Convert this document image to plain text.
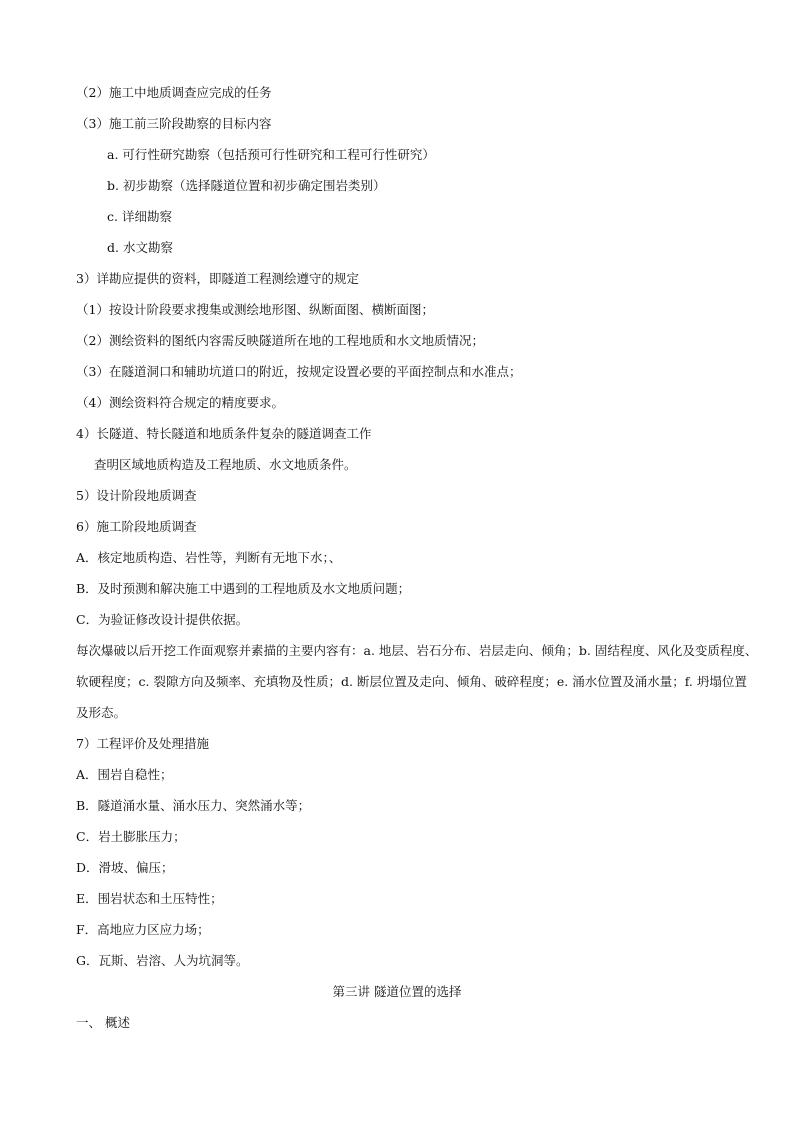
（2）施工中地质调查应完成的任务
（3）施工前三阶段勘察的目标内容
a. 可行性研究勘察（包括预可行性研究和工程可行性研究）
b. 初步勘察（选择隧道位置和初步确定围岩类别）
c. 详细勘察
d. 水文勘察
3）详勘应提供的资料，即隧道工程测绘遵守的规定
（1）按设计阶段要求搜集或测绘地形图、纵断面图、横断面图；
（2）测绘资料的图纸内容需反映隧道所在地的工程地质和水文地质情况；
（3）在隧道洞口和辅助坑道口的附近，按规定设置必要的平面控制点和水准点；
（4）测绘资料符合规定的精度要求。
4）长隧道、特长隧道和地质条件复杂的隧道调查工作
查明区域地质构造及工程地质、水文地质条件。
5）设计阶段地质调查
6）施工阶段地质调查
A．核定地质构造、岩性等，判断有无地下水；、
B．及时预测和解决施工中遇到的工程地质及水文地质问题；
C．为验证修改设计提供依据。
每次爆破以后开挖工作面观察并素描的主要内容有：a. 地层、岩石分布、岩层走向、倾角；b. 固结程度、风化及变质程度、
软硬程度；c. 裂隙方向及频率、充填物及性质；d. 断层位置及走向、倾角、破碎程度；e. 涌水位置及涌水量；f. 坍塌位置
及形态。
7）工程评价及处理措施
A．围岩自稳性；
B．隧道涌水量、涌水压力、突然涌水等；
C．岩土膨胀压力；
D．滑坡、偏压；
E．围岩状态和土压特性；
F．高地应力区应力场；
G．瓦斯、岩溶、人为坑洞等。
第三讲 隧道位置的选择
一、 概述
